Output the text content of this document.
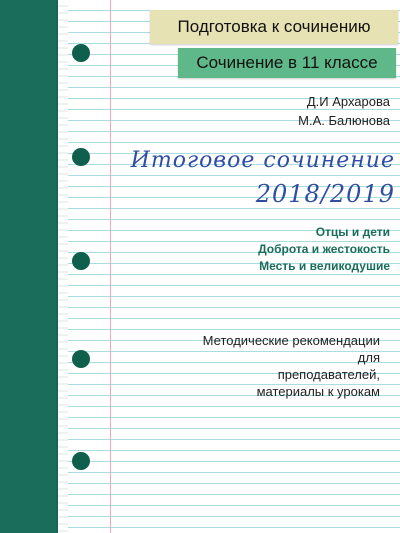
Подготовка к сочинению
Сочинение в 11 классе
Д.И Архарова
М.А. Балюнова
Итоговое сочинение
2018/2019
Отцы и дети
Доброта и жестокость
Месть и великодушие
Методические рекомендации для
преподавателей,
материалы к урокам
